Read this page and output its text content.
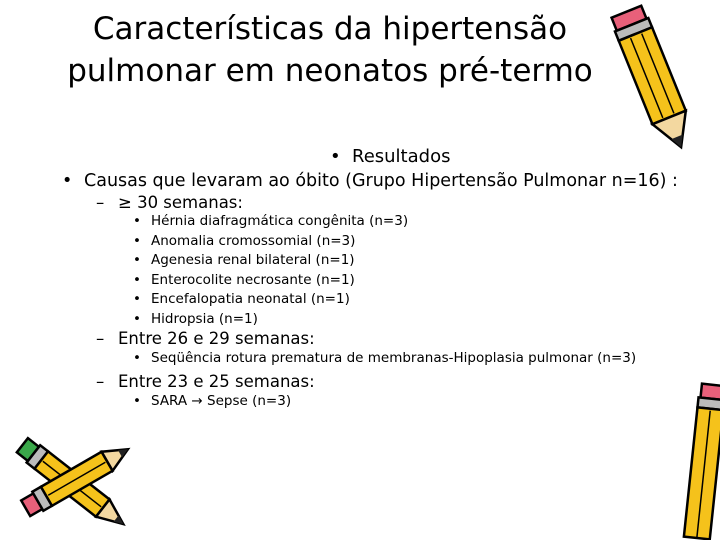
Características da hipertensão pulmonar em neonatos pré-termo
• Resultados
• Causas que levaram ao óbito (Grupo Hipertensão Pulmonar n=16) :
– ≥ 30 semanas:
• Hérnia diafragmática congênita (n=3)
• Anomalia cromossomial (n=3)
• Agenesia renal bilateral (n=1)
• Enterocolite necrosante (n=1)
• Encefalopatia neonatal (n=1)
• Hidropsia (n=1)
– Entre 26 e 29 semanas:
• Seqüência rotura prematura de membranas-Hipoplasia pulmonar (n=3)
– Entre 23 e 25 semanas:
• SARA → Sepse (n=3)
